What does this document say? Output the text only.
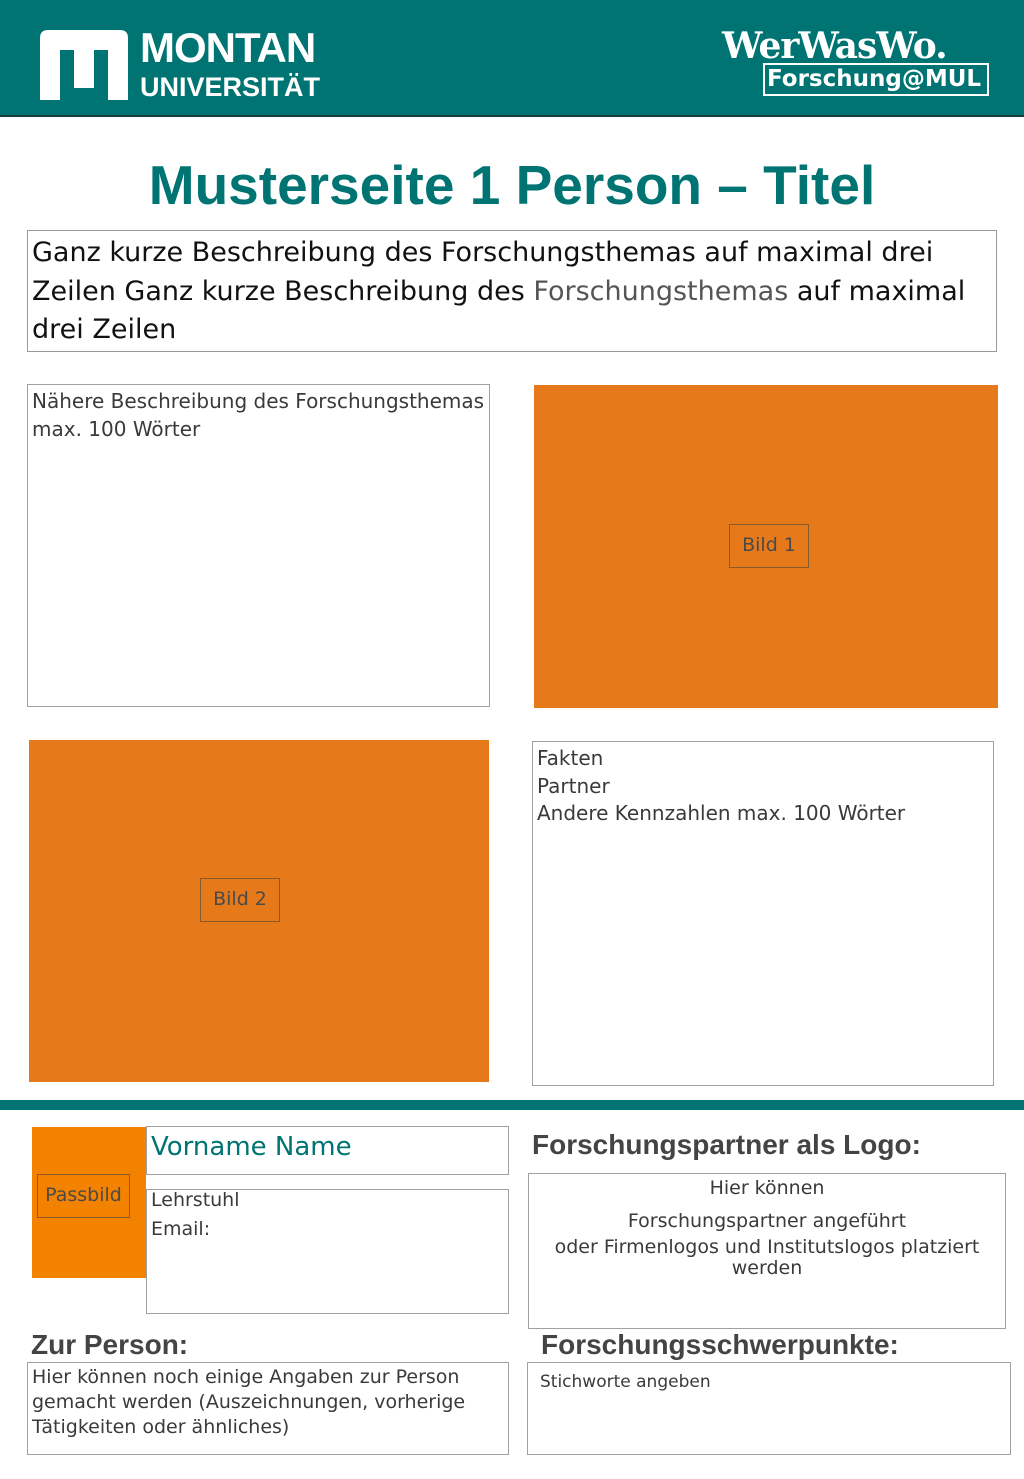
MONTAN
UNIVERSITÄT
WerWasWo.
Forschung@MUL
Musterseite 1 Person – Titel
Ganz kurze Beschreibung des Forschungsthemas auf maximal drei Zeilen Ganz kurze Beschreibung des Forschungsthemas auf maximal drei Zeilen
Nähere Beschreibung des Forschungsthemas
max. 100 Wörter
Bild 1
Bild 2
Fakten
Partner
Andere Kennzahlen max. 100 Wörter
Passbild
Vorname Name
Lehrstuhl
Email:
Forschungspartner als Logo:
Hier können
Forschungspartner angeführt
oder Firmenlogos und Institutslogos platziert
werden
Zur Person:
Hier können noch einige Angaben zur Person
gemacht werden (Auszeichnungen, vorherige
Tätigkeiten oder ähnliches)
Forschungsschwerpunkte:
Stichworte angeben
